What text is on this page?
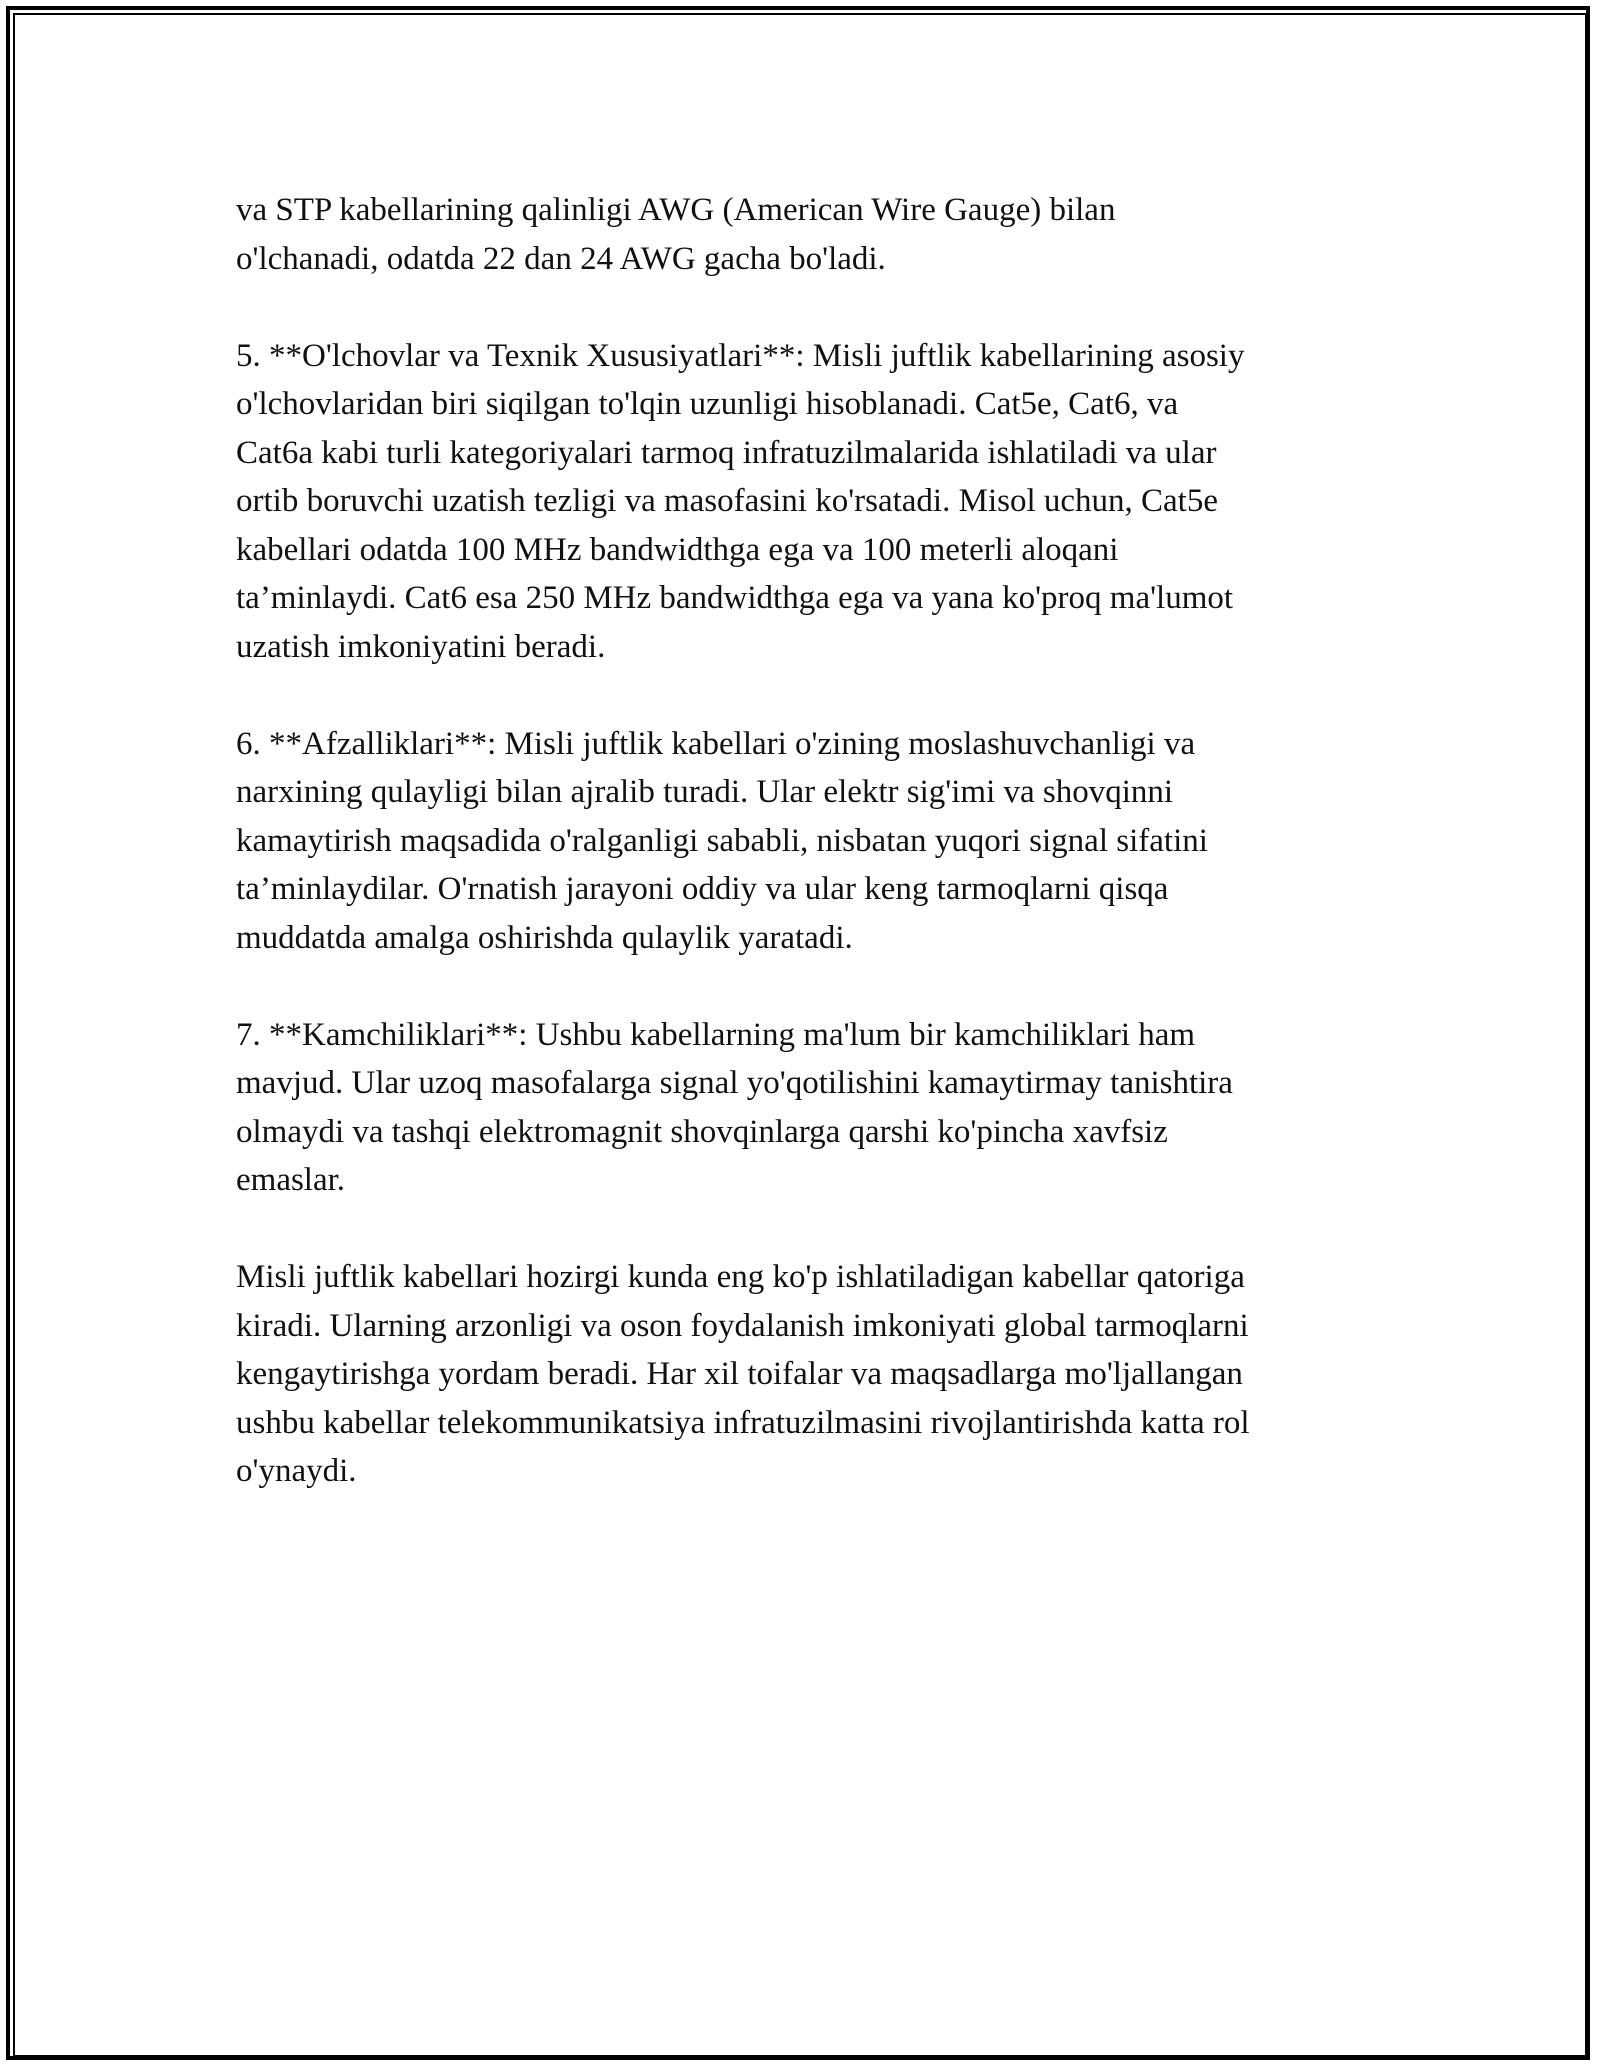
va STP kabellarining qalinligi AWG (American Wire Gauge) bilan
o'lchanadi, odatda 22 dan 24 AWG gacha bo'ladi.

5. **O'lchovlar va Texnik Xususiyatlari**: Misli juftlik kabellarining asosiy
o'lchovlaridan biri siqilgan to'lqin uzunligi hisoblanadi. Cat5e, Cat6, va
Cat6a kabi turli kategoriyalari tarmoq infratuzilmalarida ishlatiladi va ular
ortib boruvchi uzatish tezligi va masofasini ko'rsatadi. Misol uchun, Cat5e
kabellari odatda 100 MHz bandwidthga ega va 100 meterli aloqani
ta’minlaydi. Cat6 esa 250 MHz bandwidthga ega va yana ko'proq ma'lumot
uzatish imkoniyatini beradi.

6. **Afzalliklari**: Misli juftlik kabellari o'zining moslashuvchanligi va
narxining qulayligi bilan ajralib turadi. Ular elektr sig'imi va shovqinni
kamaytirish maqsadida o'ralganligi sababli, nisbatan yuqori signal sifatini
ta’minlaydilar. O'rnatish jarayoni oddiy va ular keng tarmoqlarni qisqa
muddatda amalga oshirishda qulaylik yaratadi.

7. **Kamchiliklari**: Ushbu kabellarning ma'lum bir kamchiliklari ham
mavjud. Ular uzoq masofalarga signal yo'qotilishini kamaytirmay tanishtira
olmaydi va tashqi elektromagnit shovqinlarga qarshi ko'pincha xavfsiz
emaslar.

Misli juftlik kabellari hozirgi kunda eng ko'p ishlatiladigan kabellar qatoriga
kiradi. Ularning arzonligi va oson foydalanish imkoniyati global tarmoqlarni
kengaytirishga yordam beradi. Har xil toifalar va maqsadlarga mo'ljallangan
ushbu kabellar telekommunikatsiya infratuzilmasini rivojlantirishda katta rol
o'ynaydi.
